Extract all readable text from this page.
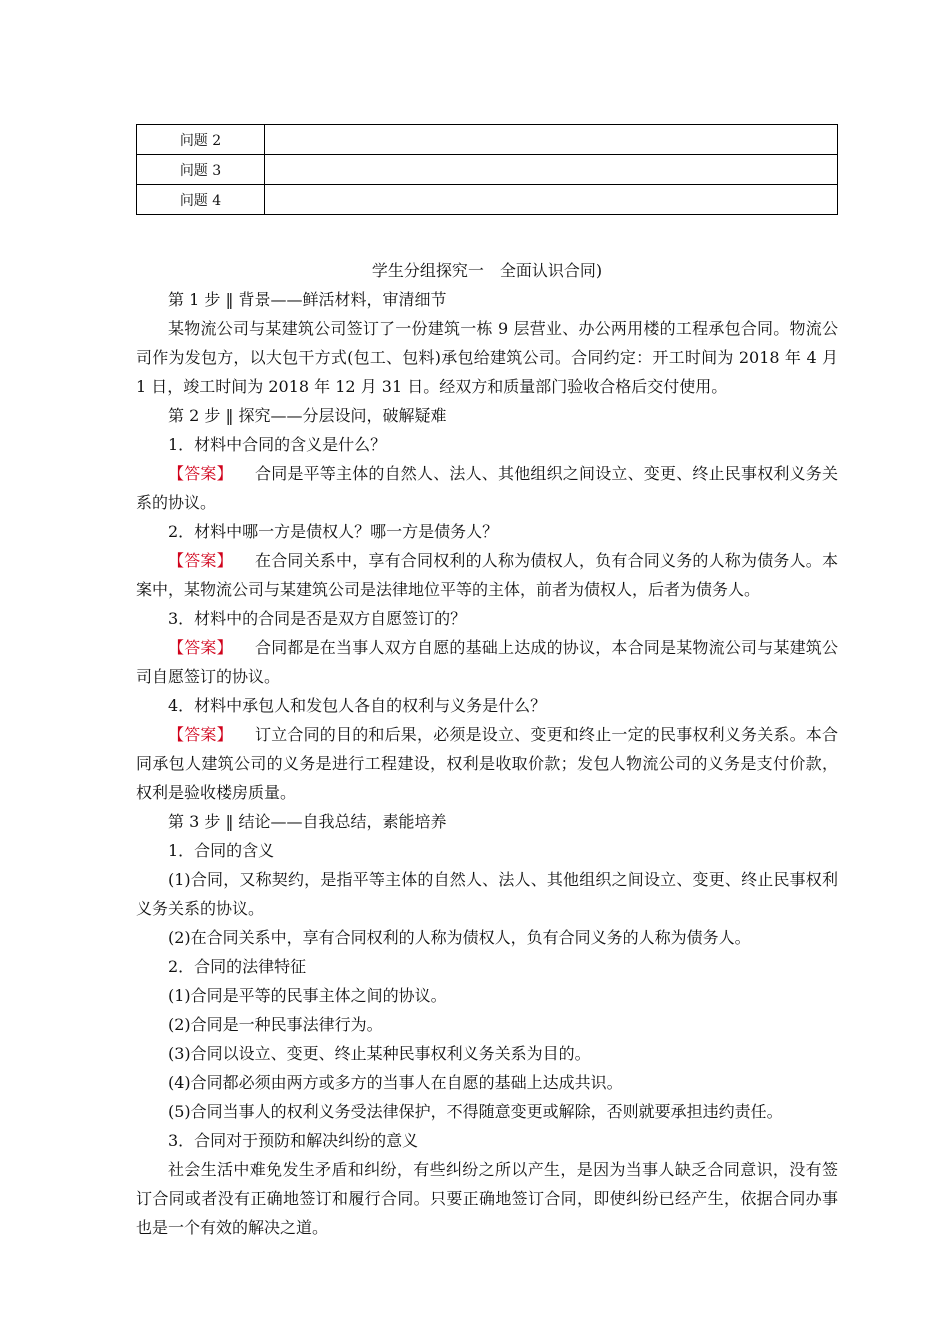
问题 2	
问题 3	
问题 4	

学生分组探究一　全面认识合同)

第 1 步 ‖ 背景——鲜活材料，审清细节

某物流公司与某建筑公司签订了一份建筑一栋 9 层营业、办公两用楼的工程承包合同。物流公司作为发包方，以大包干方式(包工、包料)承包给建筑公司。合同约定：开工时间为 2018 年 4 月 1 日，竣工时间为 2018 年 12 月 31 日。经双方和质量部门验收合格后交付使用。

第 2 步 ‖ 探究——分层设问，破解疑难

1．材料中合同的含义是什么？

【答案】 合同是平等主体的自然人、法人、其他组织之间设立、变更、终止民事权利义务关系的协议。

2．材料中哪一方是债权人？哪一方是债务人？

【答案】 在合同关系中，享有合同权利的人称为债权人，负有合同义务的人称为债务人。本案中，某物流公司与某建筑公司是法律地位平等的主体，前者为债权人，后者为债务人。

3．材料中的合同是否是双方自愿签订的？

【答案】 合同都是在当事人双方自愿的基础上达成的协议，本合同是某物流公司与某建筑公司自愿签订的协议。

4．材料中承包人和发包人各自的权利与义务是什么？

【答案】 订立合同的目的和后果，必须是设立、变更和终止一定的民事权利义务关系。本合同承包人建筑公司的义务是进行工程建设，权利是收取价款；发包人物流公司的义务是支付价款，权利是验收楼房质量。

第 3 步 ‖ 结论——自我总结，素能培养

1．合同的含义

(1)合同，又称契约，是指平等主体的自然人、法人、其他组织之间设立、变更、终止民事权利义务关系的协议。

(2)在合同关系中，享有合同权利的人称为债权人，负有合同义务的人称为债务人。

2．合同的法律特征

(1)合同是平等的民事主体之间的协议。

(2)合同是一种民事法律行为。

(3)合同以设立、变更、终止某种民事权利义务关系为目的。

(4)合同都必须由两方或多方的当事人在自愿的基础上达成共识。

(5)合同当事人的权利义务受法律保护，不得随意变更或解除，否则就要承担违约责任。

3．合同对于预防和解决纠纷的意义

社会生活中难免发生矛盾和纠纷，有些纠纷之所以产生，是因为当事人缺乏合同意识，没有签订合同或者没有正确地签订和履行合同。只要正确地签订合同，即使纠纷已经产生，依据合同办事也是一个有效的解决之道。
